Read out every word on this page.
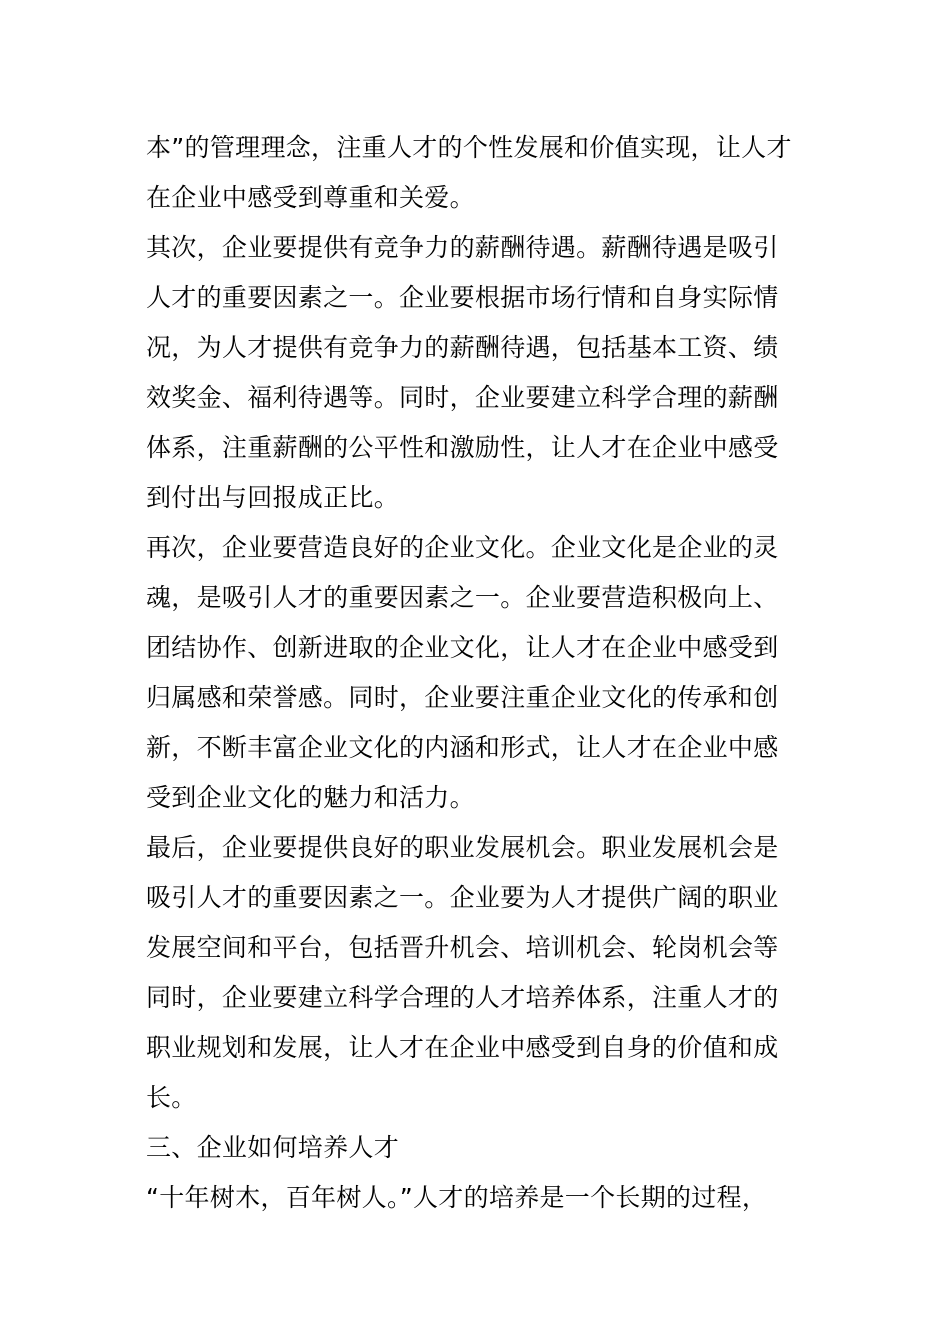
本”的管理理念，注重人才的个性发展和价值实现，让人才
在企业中感受到尊重和关爱。
其次，企业要提供有竞争力的薪酬待遇。薪酬待遇是吸引
人才的重要因素之一。企业要根据市场行情和自身实际情
况，为人才提供有竞争力的薪酬待遇，包括基本工资、绩
效奖金、福利待遇等。同时，企业要建立科学合理的薪酬
体系，注重薪酬的公平性和激励性，让人才在企业中感受
到付出与回报成正比。
再次，企业要营造良好的企业文化。企业文化是企业的灵
魂，是吸引人才的重要因素之一。企业要营造积极向上、
团结协作、创新进取的企业文化，让人才在企业中感受到
归属感和荣誉感。同时，企业要注重企业文化的传承和创
新，不断丰富企业文化的内涵和形式，让人才在企业中感
受到企业文化的魅力和活力。
最后，企业要提供良好的职业发展机会。职业发展机会是
吸引人才的重要因素之一。企业要为人才提供广阔的职业
发展空间和平台，包括晋升机会、培训机会、轮岗机会等
同时，企业要建立科学合理的人才培养体系，注重人才的
职业规划和发展，让人才在企业中感受到自身的价值和成
长。
三、企业如何培养人才
“十年树木，百年树人。”人才的培养是一个长期的过程，
